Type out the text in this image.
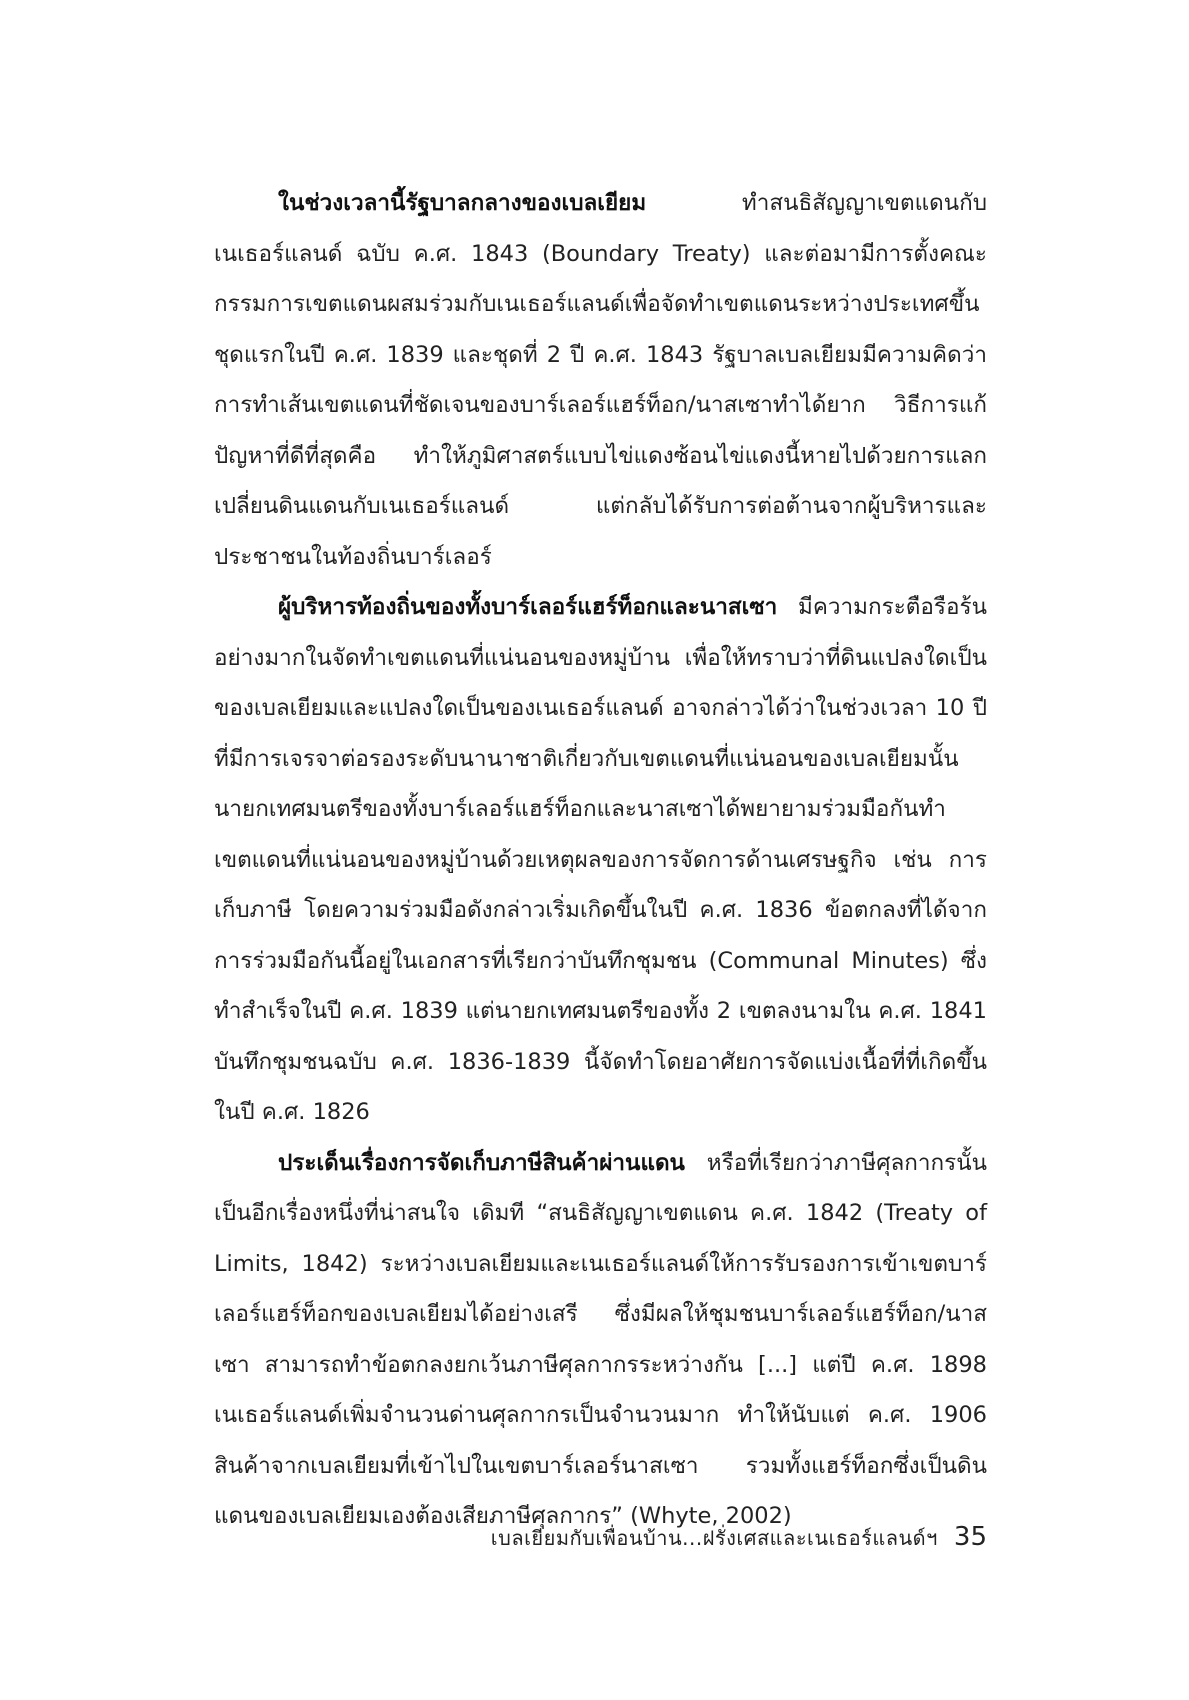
ในช่วงเวลานี้รัฐบาลกลางของเบลเยียม ทำสนธิสัญญาเขตแดนกับเนเธอร์แลนด์ ฉบับ ค.ศ. 1843 (Boundary Treaty) และต่อมามีการตั้งคณะกรรมการเขตแดนผสมร่วมกับเนเธอร์แลนด์เพื่อจัดทำเขตแดนระหว่างประเทศขึ้นชุดแรกในปี ค.ศ. 1839 และชุดที่ 2 ปี ค.ศ. 1843 รัฐบาลเบลเยียมมีความคิดว่า การทำเส้นเขตแดนที่ชัดเจนของบาร์เลอร์แฮร์ท็อก/นาสเซาทำได้ยาก วิธีการแก้ปัญหาที่ดีที่สุดคือ ทำให้ภูมิศาสตร์แบบไข่แดงซ้อนไข่แดงนี้หายไปด้วยการแลกเปลี่ยนดินแดนกับเนเธอร์แลนด์ แต่กลับได้รับการต่อต้านจากผู้บริหารและประชาชนในท้องถิ่นบาร์เลอร์

ผู้บริหารท้องถิ่นของทั้งบาร์เลอร์แฮร์ท็อกและนาสเซา มีความกระตือรือร้นอย่างมากในจัดทำเขตแดนที่แน่นอนของหมู่บ้าน เพื่อให้ทราบว่าที่ดินแปลงใดเป็นของเบลเยียมและแปลงใดเป็นของเนเธอร์แลนด์ อาจกล่าวได้ว่าในช่วงเวลา 10 ปีที่มีการเจรจาต่อรองระดับนานาชาติเกี่ยวกับเขตแดนที่แน่นอนของเบลเยียมนั้น นายกเทศมนตรีของทั้งบาร์เลอร์แฮร์ท็อกและนาสเซาได้พยายามร่วมมือกันทำเขตแดนที่แน่นอนของหมู่บ้านด้วยเหตุผลของการจัดการด้านเศรษฐกิจ เช่น การเก็บภาษี โดยความร่วมมือดังกล่าวเริ่มเกิดขึ้นในปี ค.ศ. 1836 ข้อตกลงที่ได้จากการร่วมมือกันนี้อยู่ในเอกสารที่เรียกว่าบันทึกชุมชน (Communal Minutes) ซึ่งทำสำเร็จในปี ค.ศ. 1839 แต่นายกเทศมนตรีของทั้ง 2 เขตลงนามใน ค.ศ. 1841 บันทึกชุมชนฉบับ ค.ศ. 1836-1839 นี้จัดทำโดยอาศัยการจัดแบ่งเนื้อที่ที่เกิดขึ้นในปี ค.ศ. 1826

ประเด็นเรื่องการจัดเก็บภาษีสินค้าผ่านแดน หรือที่เรียกว่าภาษีศุลกากรนั้นเป็นอีกเรื่องหนึ่งที่น่าสนใจ เดิมที “สนธิสัญญาเขตแดน ค.ศ. 1842 (Treaty of Limits, 1842) ระหว่างเบลเยียมและเนเธอร์แลนด์ให้การรับรองการเข้าเขตบาร์เลอร์แฮร์ท็อกของเบลเยียมได้อย่างเสรี ซึ่งมีผลให้ชุมชนบาร์เลอร์แฮร์ท็อก/นาสเซา สามารถทำข้อตกลงยกเว้นภาษีศุลกากรระหว่างกัน [...] แต่ปี ค.ศ. 1898 เนเธอร์แลนด์เพิ่มจำนวนด่านศุลกากรเป็นจำนวนมาก ทำให้นับแต่ ค.ศ. 1906 สินค้าจากเบลเยียมที่เข้าไปในเขตบาร์เลอร์นาสเซา รวมทั้งแฮร์ท็อกซึ่งเป็นดินแดนของเบลเยียมเองต้องเสียภาษีศุลกากร” (Whyte, 2002)

เบลเยียมกับเพื่อนบ้าน...ฝรั่งเศสและเนเธอร์แลนด์ฯ 35
